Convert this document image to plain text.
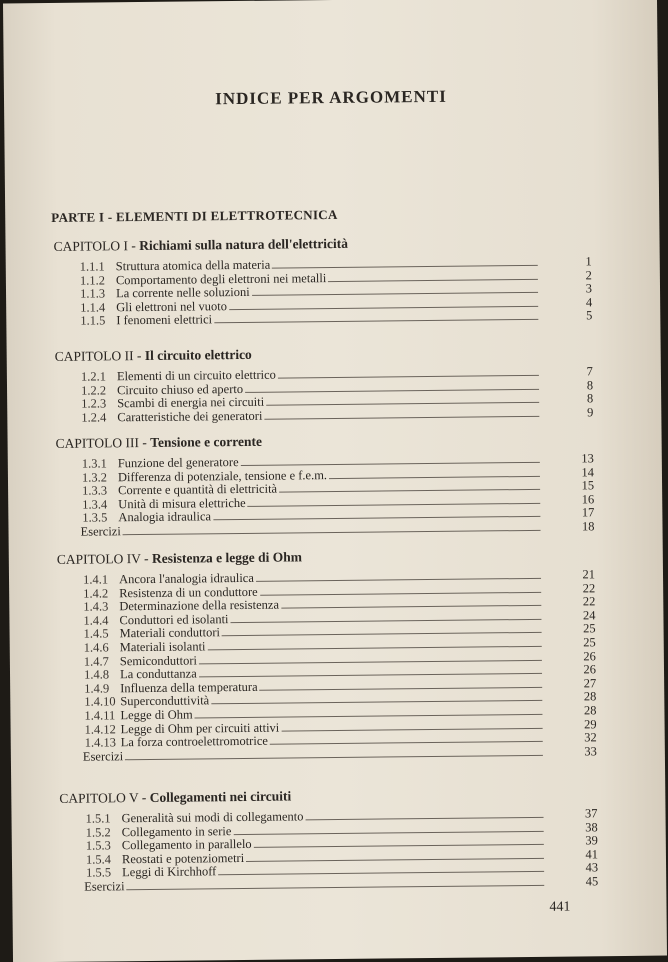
INDICE PER ARGOMENTI
PARTE I - ELEMENTI DI ELETTROTECNICA
CAPITOLO I - Richiami sulla natura dell'elettricità
1.1.1 Struttura atomica della materia	1
1.1.2 Comportamento degli elettroni nei metalli	2
1.1.3 La corrente nelle soluzioni	3
1.1.4 Gli elettroni nel vuoto	4
1.1.5 I fenomeni elettrici	5
CAPITOLO II - Il circuito elettrico
1.2.1 Elementi di un circuito elettrico	7
1.2.2 Circuito chiuso ed aperto	8
1.2.3 Scambi di energia nei circuiti	8
1.2.4 Caratteristiche dei generatori	9
CAPITOLO III - Tensione e corrente
1.3.1 Funzione del generatore	13
1.3.2 Differenza di potenziale, tensione e f.e.m.	14
1.3.3 Corrente e quantità di elettricità	15
1.3.4 Unità di misura elettriche	16
1.3.5 Analogia idraulica	17
Esercizi	18
CAPITOLO IV - Resistenza e legge di Ohm
1.4.1 Ancora l'analogia idraulica	21
1.4.2 Resistenza di un conduttore	22
1.4.3 Determinazione della resistenza	22
1.4.4 Conduttori ed isolanti	24
1.4.5 Materiali conduttori	25
1.4.6 Materiali isolanti	25
1.4.7 Semiconduttori	26
1.4.8 La conduttanza	26
1.4.9 Influenza della temperatura	27
1.4.10 Superconduttività	28
1.4.11 Legge di Ohm	28
1.4.12 Legge di Ohm per circuiti attivi	29
1.4.13 La forza controelettromotrice	32
Esercizi	33
CAPITOLO V - Collegamenti nei circuiti
1.5.1 Generalità sui modi di collegamento	37
1.5.2 Collegamento in serie	38
1.5.3 Collegamento in parallelo	39
1.5.4 Reostati e potenziometri	41
1.5.5 Leggi di Kirchhoff	43
Esercizi	45
441
